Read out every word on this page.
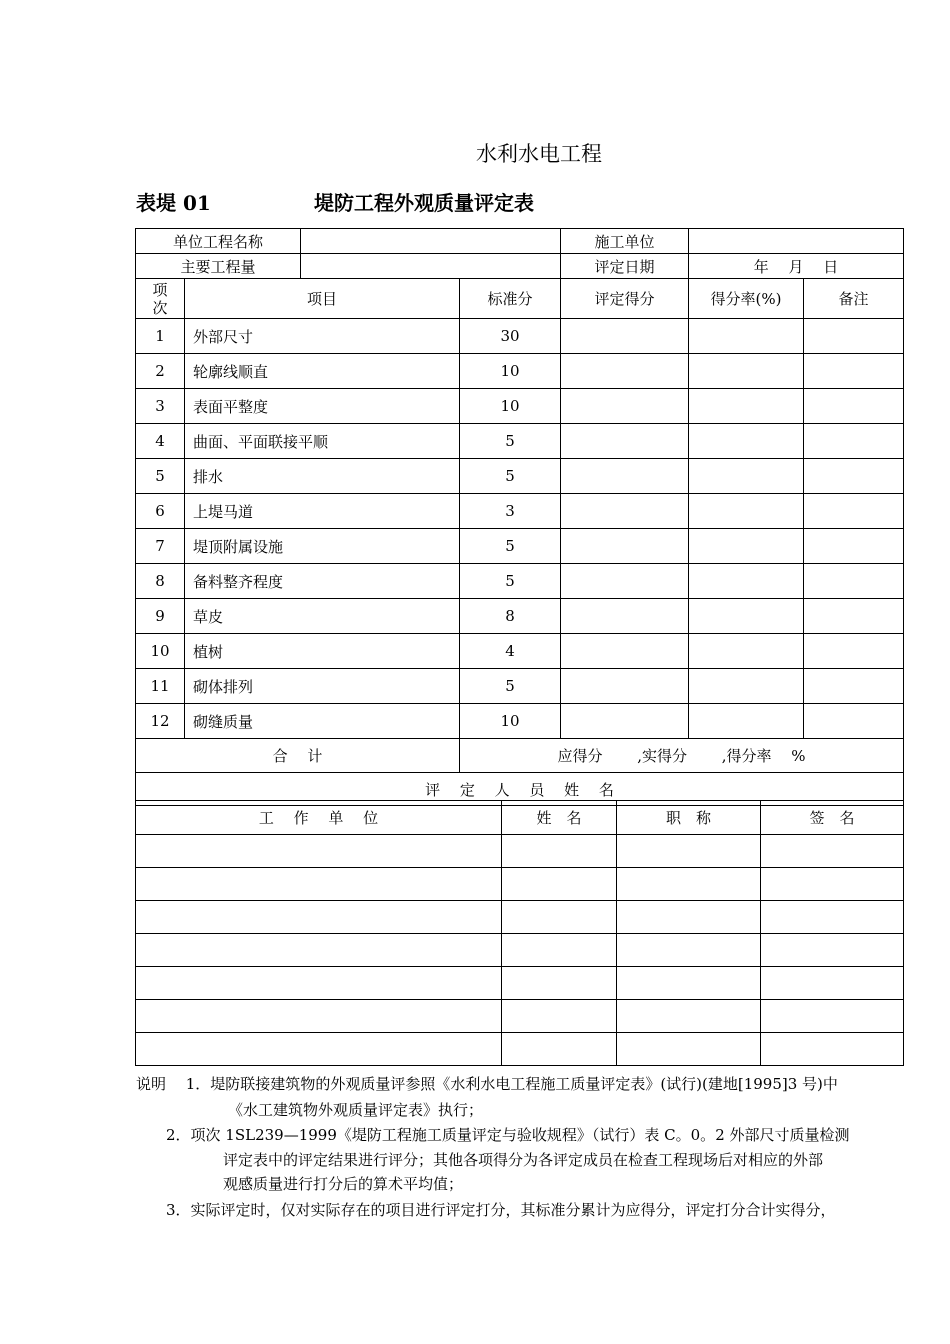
水利水电工程
表堤 01	堤防工程外观质量评定表
单位工程名称				施工单位		
主要工程量				评定日期	年　 月　 日	
项
次	项目		标准分	评定得分	得分率(%)	备注
1	外部尺寸		30			
2	轮廓线顺直		10			
3	表面平整度		10			
4	曲面、平面联接平顺		5			
5	排水		5			
6	上堤马道		3			
7	堤顶附属设施		5			
8	备料整齐程度		5			
9	草皮		8			
10	植树		4			
11	砌体排列		5			
12	砌缝质量		10			
合　 计			应得分　　 ,实得分　　 ,得分率　 %			
评　 定　 人　 员　 姓　 名						
工　 作　 单　 位	姓　名	职　称	签　名

说明　 1．堤防联接建筑物的外观质量评参照《水利水电工程施工质量评定表》(试行)(建地[1995]3 号)中
《水工建筑物外观质量评定表》执行；
2．项次 1SL239—1999《堤防工程施工质量评定与验收规程》（试行）表 C。0。2 外部尺寸质量检测
评定表中的评定结果进行评分；其他各项得分为各评定成员在检查工程现场后对相应的外部
观感质量进行打分后的算术平均值；
3．实际评定时，仅对实际存在的项目进行评定打分，其标准分累计为应得分，评定打分合计实得分，
